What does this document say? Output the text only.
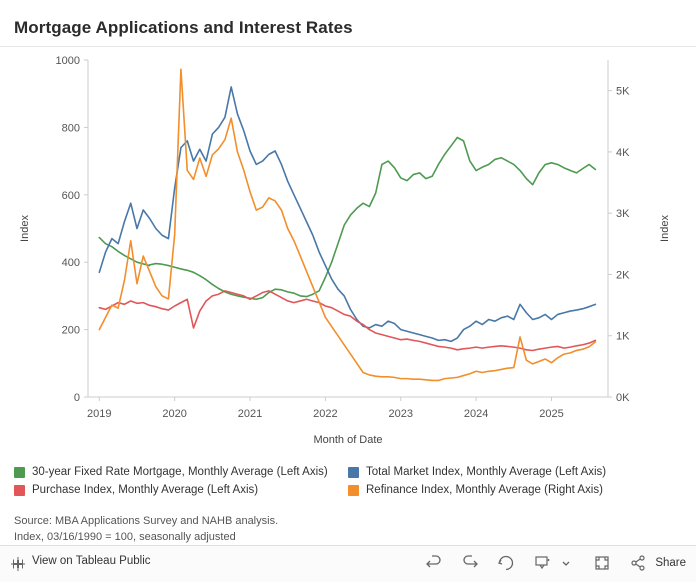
Mortgage Applications and Interest Rates
0
200
400
600
800
1000
0K
1K
2K
3K
4K
5K
2019	2020	2021	2022	2023	2024	2025
Index	Index
Month of Date
30-year Fixed Rate Mortgage, Monthly Average (Left Axis)	Total Market Index, Monthly Average (Left Axis)
Purchase Index, Monthly Average (Left Axis)	Refinance Index, Monthly Average (Right Axis)
Source: MBA Applications Survey and NAHB analysis.
Index, 03/16/1990 = 100, seasonally adjusted
View on Tableau Public	Share
